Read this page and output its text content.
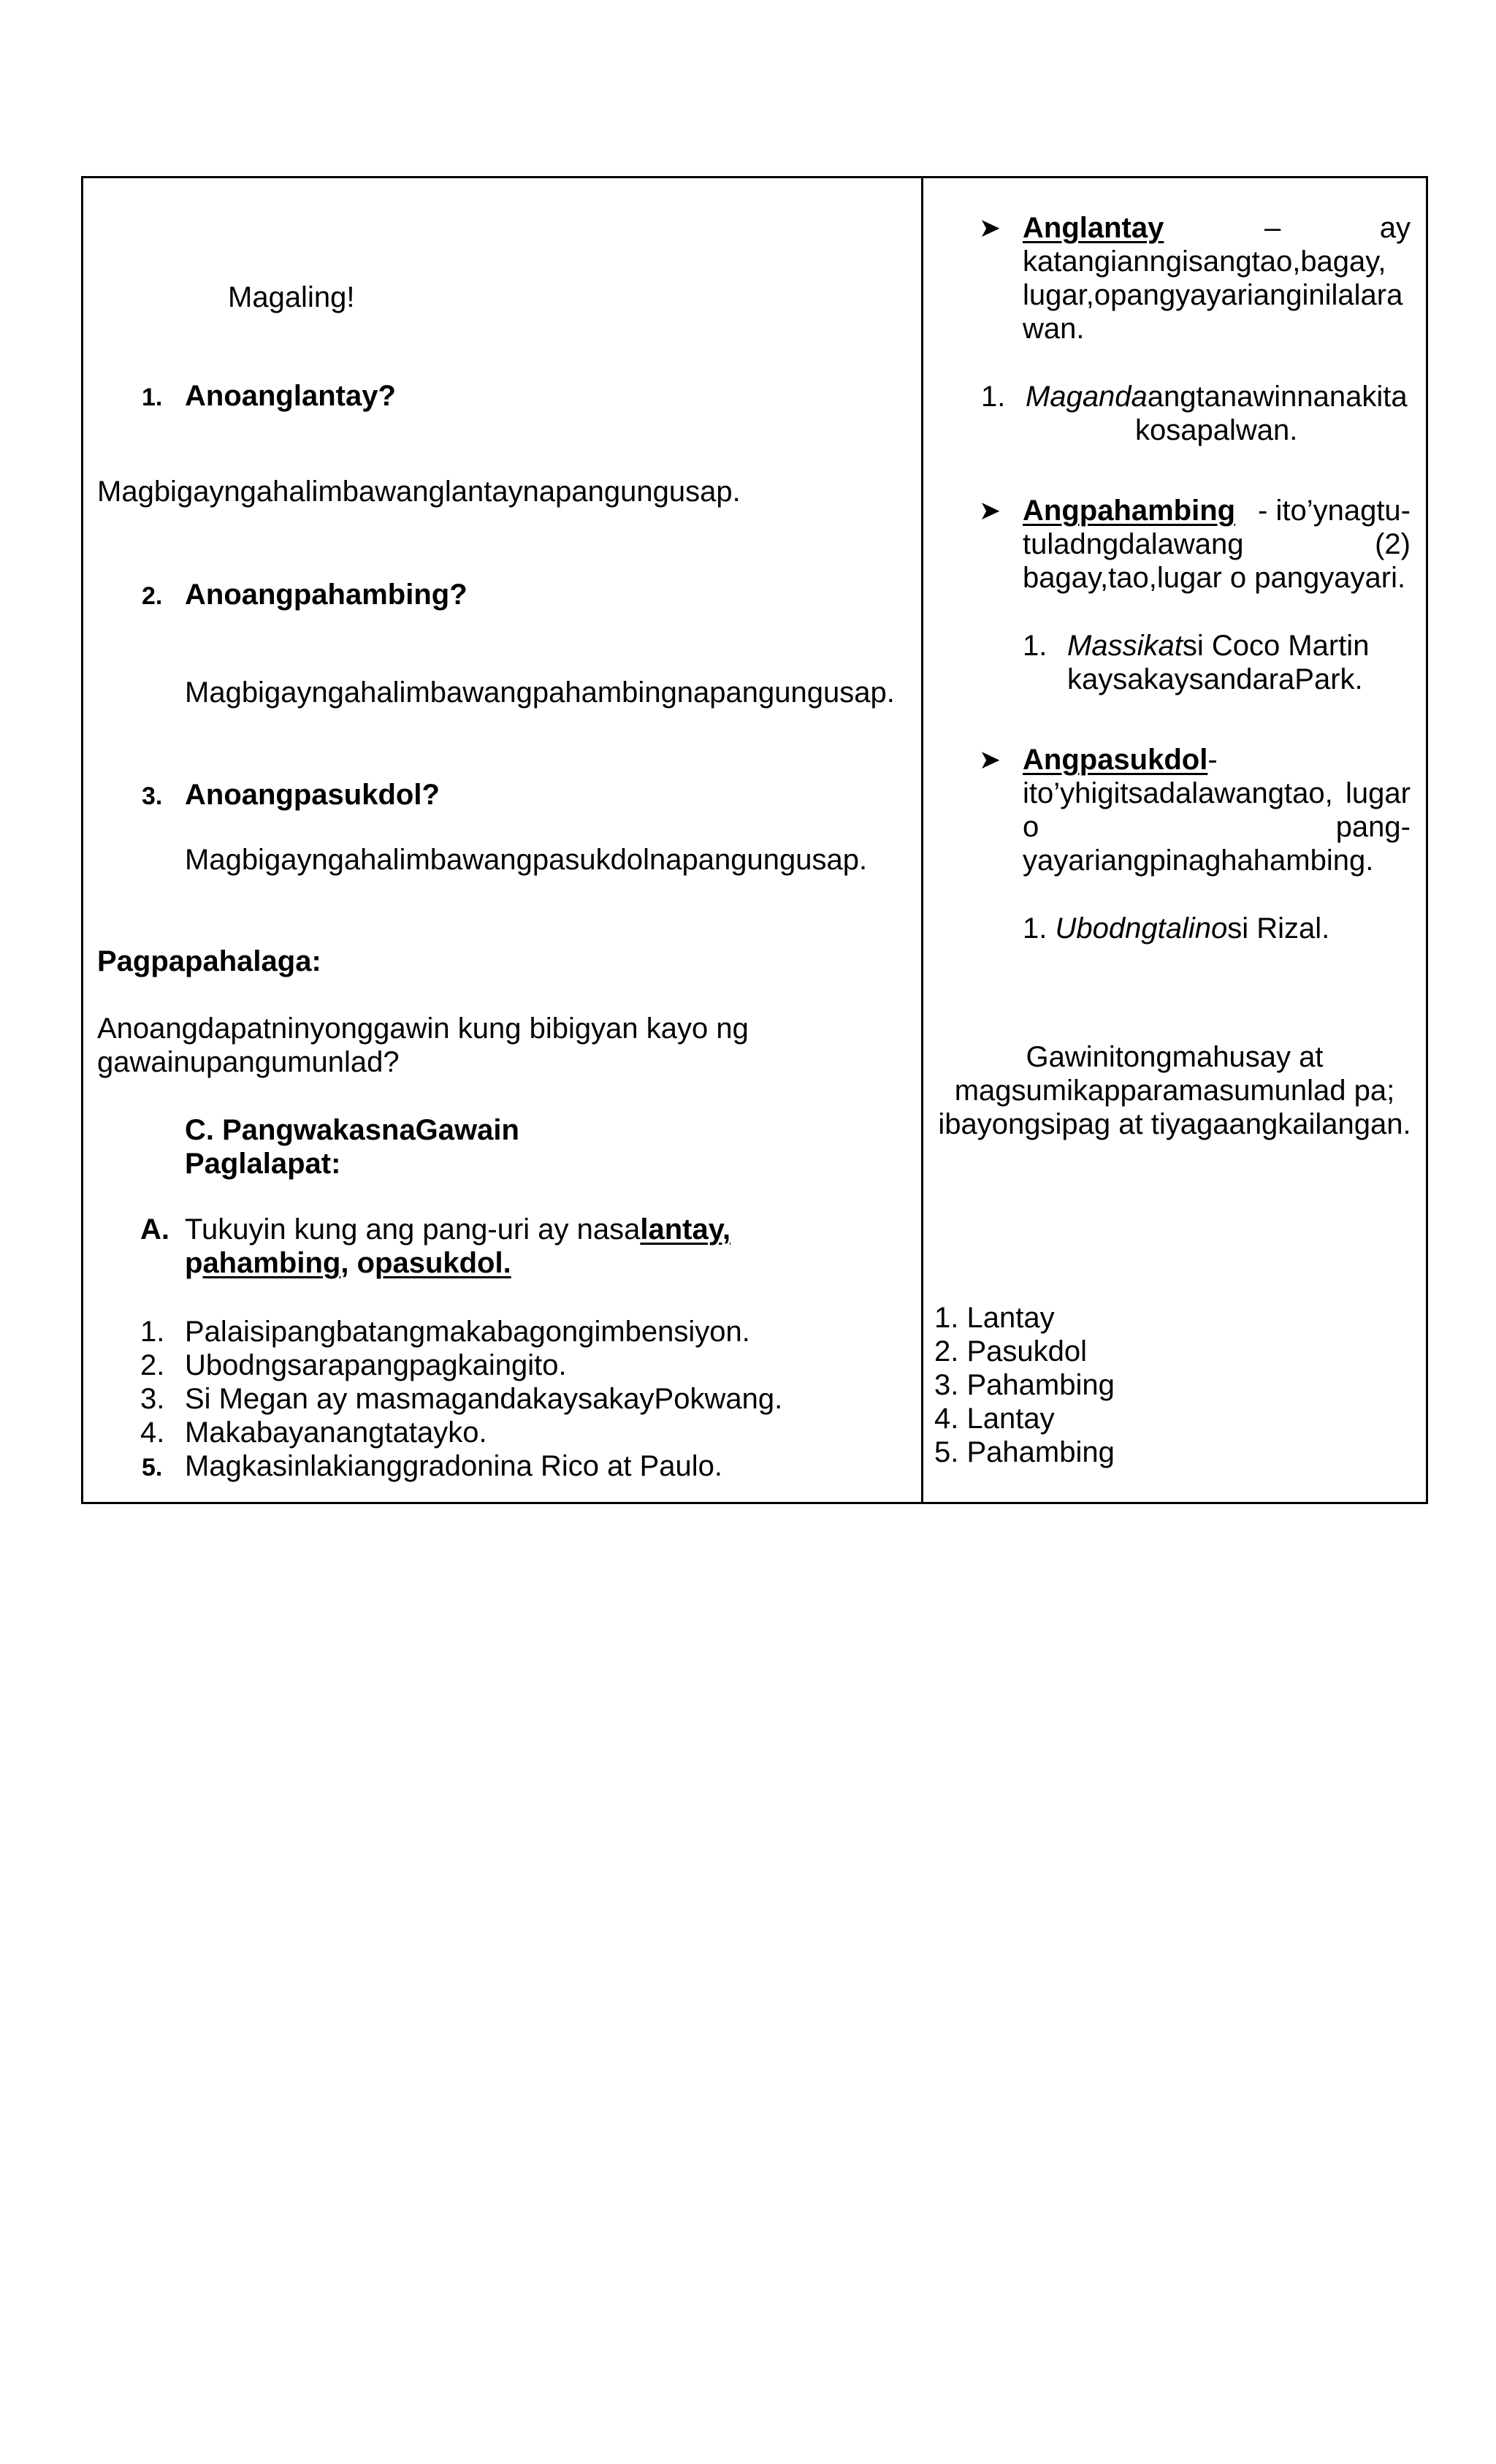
Magaling!
1. Anoanglantay?
Magbigayngahalimbawanglantaynapangungusap.
2. Anoangpahambing?
Magbigayngahalimbawangpahambingnapangungusap.
3. Anoangpasukdol?
Magbigayngahalimbawangpasukdolnapangungusap.
Pagpapahalaga:
Anoangdapatninyonggawin kung bibigyan kayo ng
gawainupangumunlad?
C. PangwakasnaGawain
Paglalapat:
A. Tukuyin kung ang pang-uri ay nasalantay,
pahambing, opasukdol.
1. Palaisipangbatangmakabagongimbensiyon.
2. Ubodngsarapangpagkaingito.
3. Si Megan ay masmagandakaysakayPokwang.
4. Makabayanangtatayko.
5. Magkasinlakianggradonina Rico at Paulo.
➤ Anglantay	–	ay
katangianngisangtao,bagay,
lugar,opangyayarianginilalara
wan.
1. Magandaangtanawinnanakita
kosapalwan.
➤ Angpahambing - ito’ynagtu-
tuladngdalawang	(2)
bagay,tao,lugar o pangyayari.
1. Massikatsi Coco Martin
kaysakaysandaraPark.
➤ Angpasukdol-
ito’yhigitsadalawangtao, lugar
o	pang-
yayariangpinaghahambing.
1. Ubodngtalinosi Rizal.
Gawinitongmahusay at
magsumikapparamasumunlad pa;
ibayongsipag at tiyagaangkailangan.
1. Lantay
2. Pasukdol
3. Pahambing
4. Lantay
5. Pahambing
